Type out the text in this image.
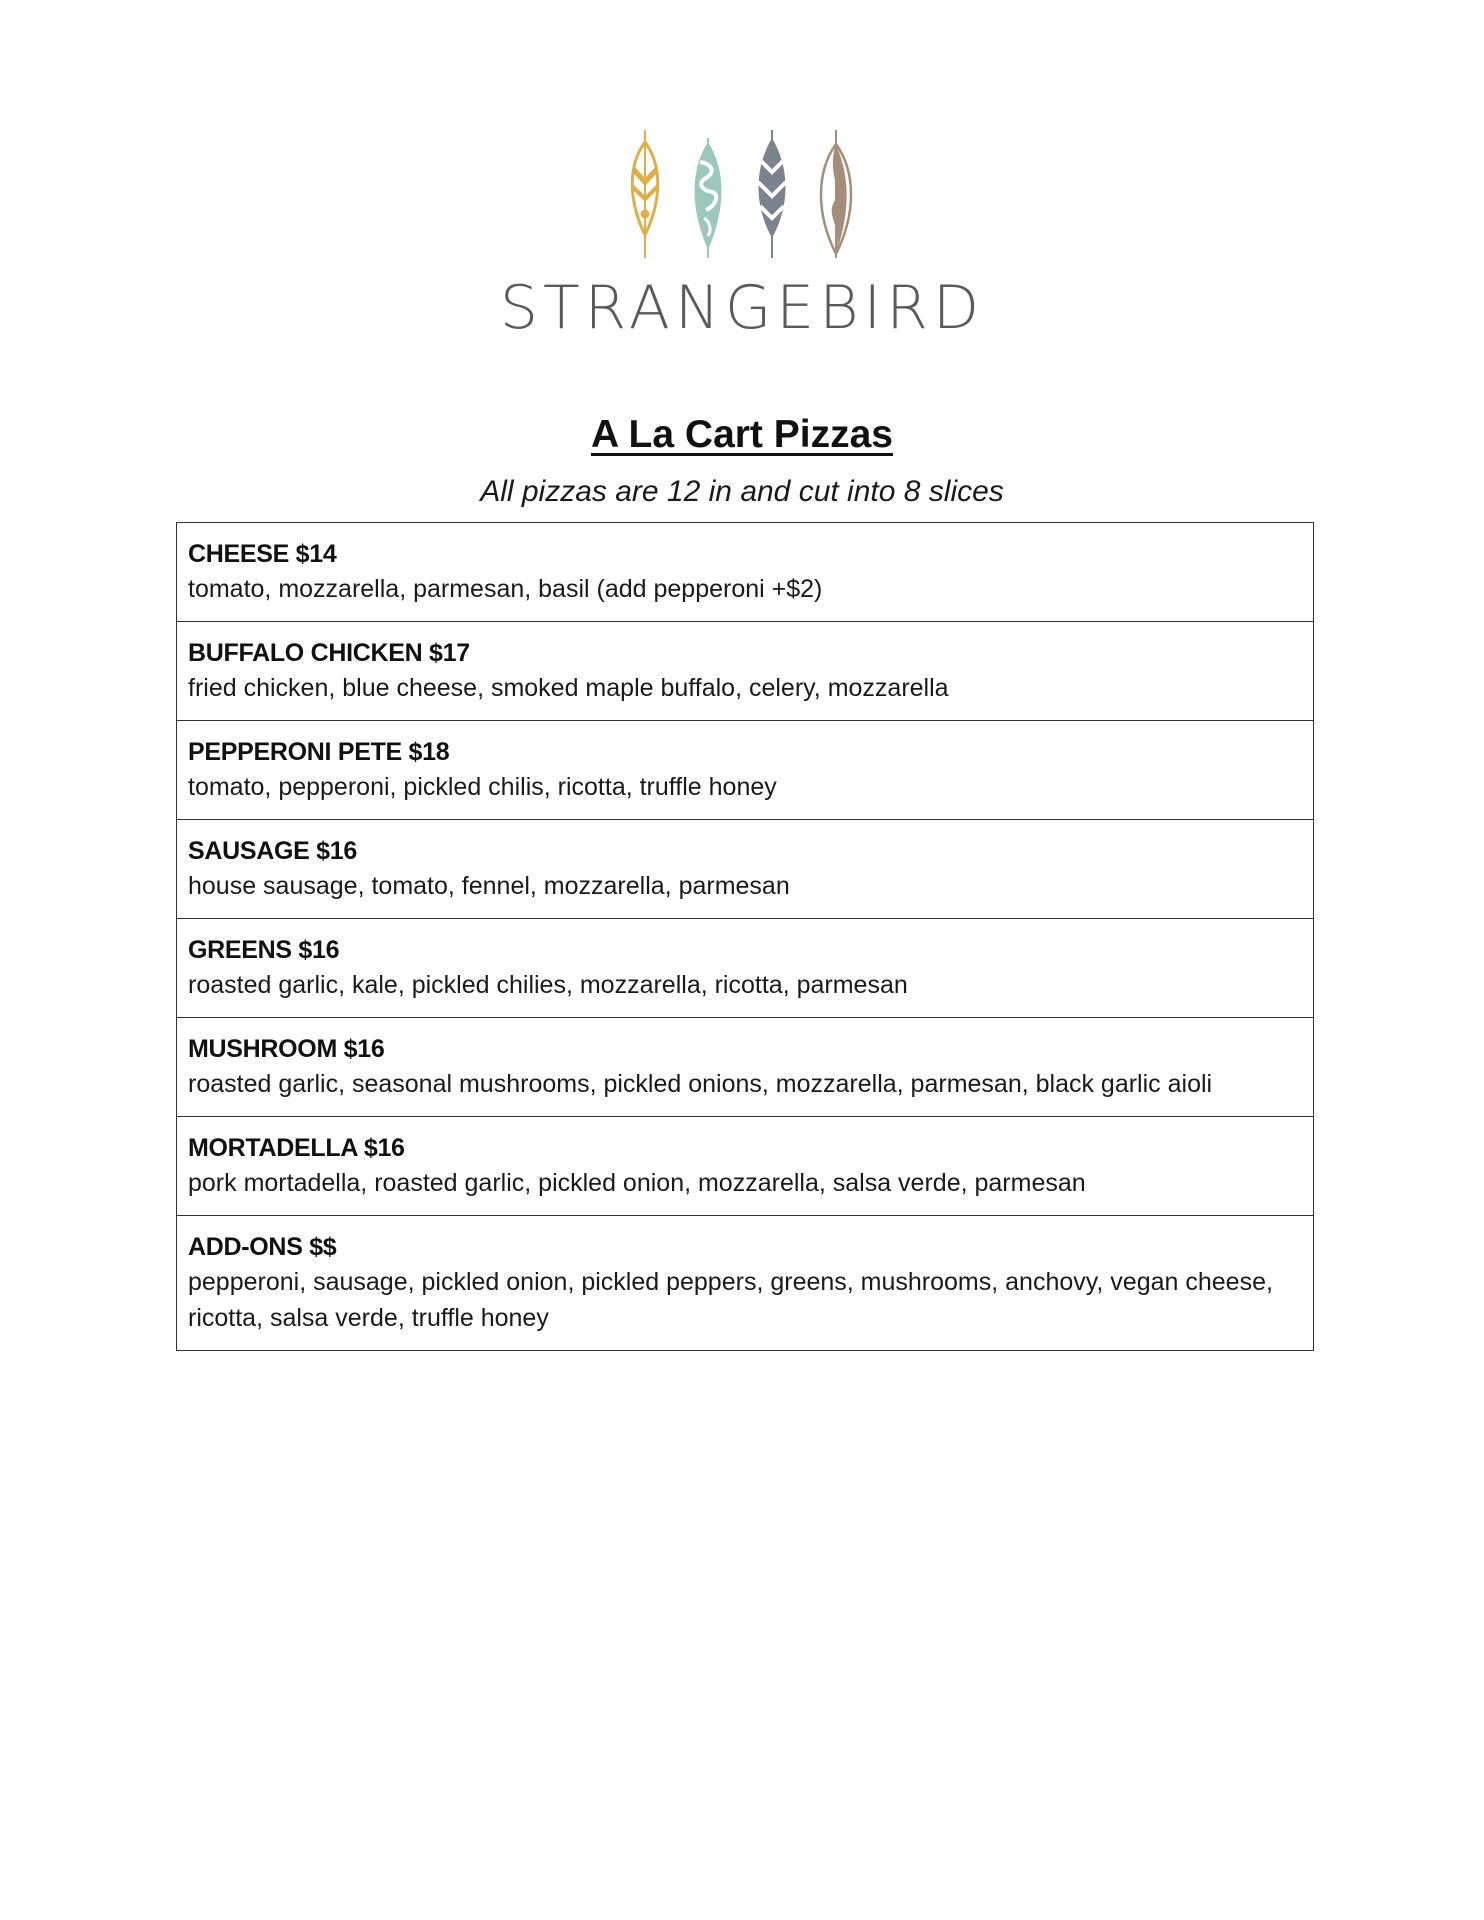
STRANGEBIRD
A La Cart Pizzas
All pizzas are 12 in and cut into 8 slices
CHEESE $14
tomato, mozzarella, parmesan, basil (add pepperoni +$2)

BUFFALO CHICKEN $17
fried chicken, blue cheese, smoked maple buffalo, celery, mozzarella

PEPPERONI PETE $18
tomato, pepperoni, pickled chilis, ricotta, truffle honey

SAUSAGE $16
house sausage, tomato, fennel, mozzarella, parmesan

GREENS $16
roasted garlic, kale, pickled chilies, mozzarella, ricotta, parmesan

MUSHROOM $16
roasted garlic, seasonal mushrooms, pickled onions, mozzarella, parmesan, black garlic aioli

MORTADELLA $16
pork mortadella, roasted garlic, pickled onion, mozzarella, salsa verde, parmesan

ADD-ONS $$
pepperoni, sausage, pickled onion, pickled peppers, greens, mushrooms, anchovy, vegan cheese, ricotta, salsa verde, truffle honey
